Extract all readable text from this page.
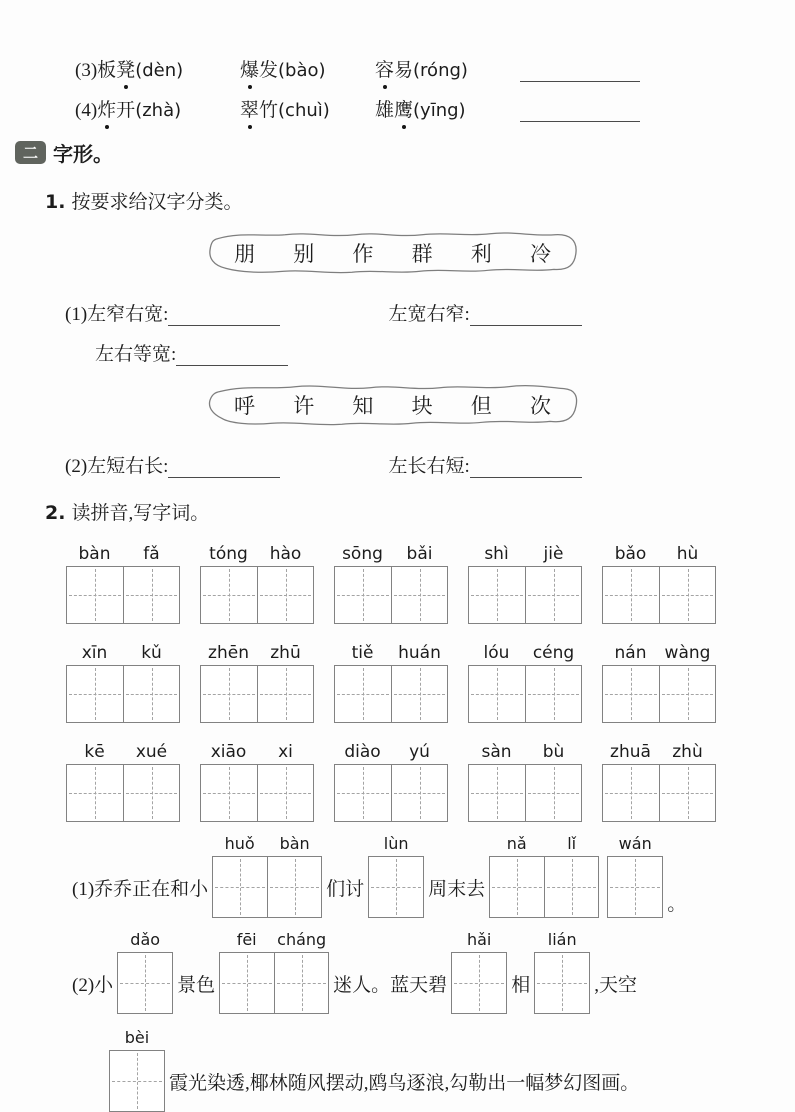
(3)板凳(dèn)	爆发(bào)	容易(róng)
(4)炸开(zhà)	翠竹(chuì)	雄鹰(yīng)
二 字形。
1. 按要求给汉字分类。
朋 别 作 群 利 冷
(1)左窄右宽:	左宽右窄:
左右等宽:
呼 许 知 块 但 次
(2)左短右长:	左长右短:
2. 读拼音,写字词。
bàn	fǎ	tóng	hào	sōng	bǎi	shì	jiè	bǎo	hù
xīn	kǔ	zhēn	zhū	tiě	huán	lóu	céng	nán	wàng
kē	xué	xiāo	xi	diào	yú	sàn	bù	zhuā	zhù
(1)乔乔正在和小
huǒ	bàn
们讨
lùn
周末去
nǎ	lǐ	wán
。
(2)小
dǎo
景色
fēi	cháng
迷人。蓝天碧
hǎi
相
lián
,天空
bèi
霞光染透,椰林随风摆动,鸥鸟逐浪,勾勒出一幅梦幻图画。
